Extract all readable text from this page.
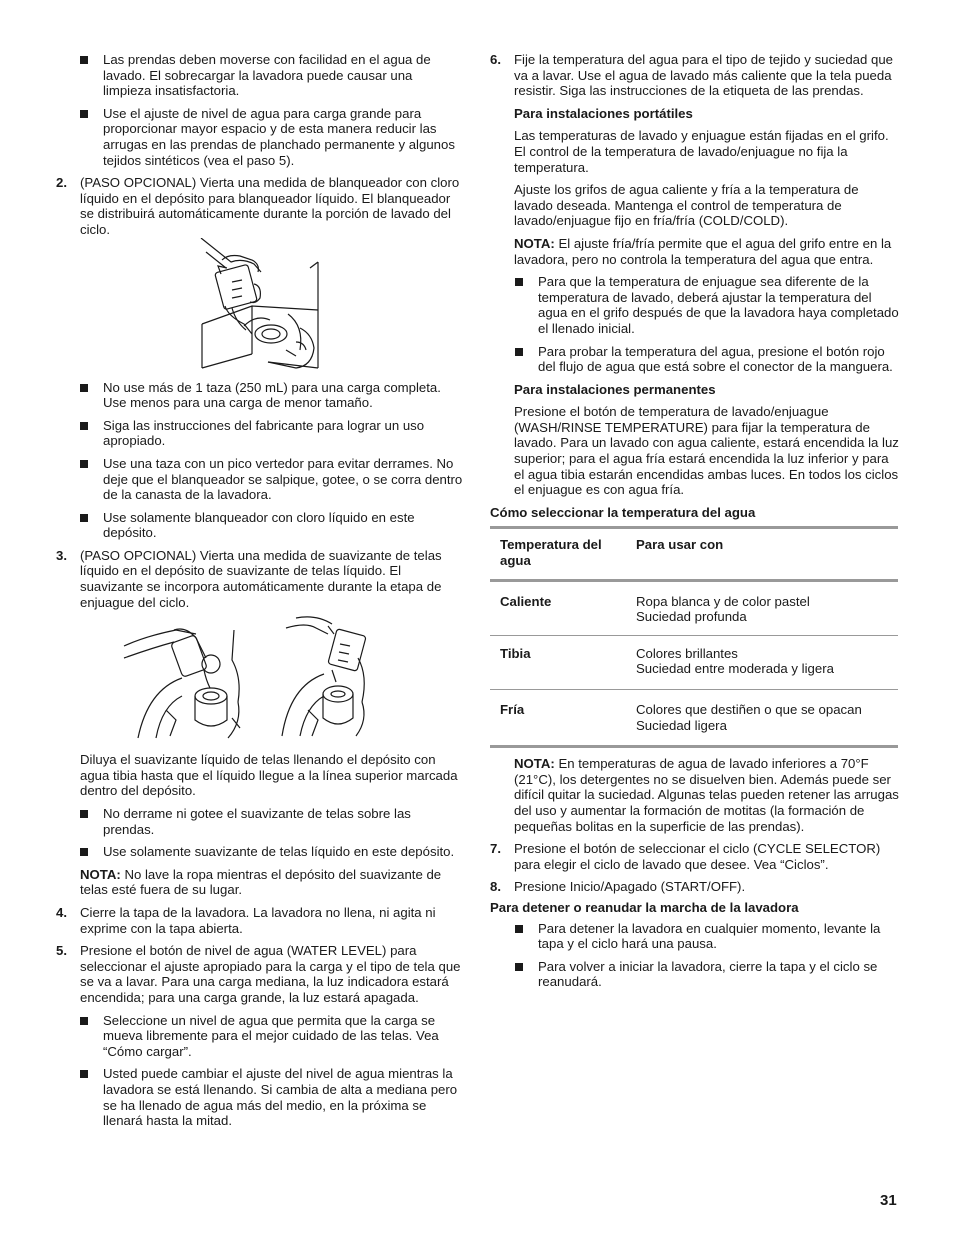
Las prendas deben moverse con facilidad en el agua de lavado. El sobrecargar la lavadora puede causar una limpieza insatisfactoria.

Use el ajuste de nivel de agua para carga grande para proporcionar mayor espacio y de esta manera reducir las arrugas en las prendas de planchado permanente y algunos tejidos sintéticos (vea el paso 5).

2. (PASO OPCIONAL) Vierta una medida de blanqueador con cloro líquido en el depósito para blanqueador líquido. El blanqueador se distribuirá automáticamente durante la porción de lavado del ciclo.

No use más de 1 taza (250 mL) para una carga completa. Use menos para una carga de menor tamaño.

Siga las instrucciones del fabricante para lograr un uso apropiado.

Use una taza con un pico vertedor para evitar derrames. No deje que el blanqueador se salpique, gotee, o se corra dentro de la canasta de la lavadora.

Use solamente blanqueador con cloro líquido en este depósito.

3. (PASO OPCIONAL) Vierta una medida de suavizante de telas líquido en el depósito de suavizante de telas líquido. El suavizante se incorpora automáticamente durante la etapa de enjuague del ciclo.

Diluya el suavizante líquido de telas llenando el depósito con agua tibia hasta que el líquido llegue a la línea superior marcada dentro del depósito.

No derrame ni gotee el suavizante de telas sobre las prendas.

Use solamente suavizante de telas líquido en este depósito.

NOTA: No lave la ropa mientras el depósito del suavizante de telas esté fuera de su lugar.

4. Cierre la tapa de la lavadora. La lavadora no llena, ni agita ni exprime con la tapa abierta.

5. Presione el botón de nivel de agua (WATER LEVEL) para seleccionar el ajuste apropiado para la carga y el tipo de tela que se va a lavar. Para una carga mediana, la luz indicadora estará encendida; para una carga grande, la luz estará apagada.

Seleccione un nivel de agua que permita que la carga se mueva libremente para el mejor cuidado de las telas. Vea “Cómo cargar”.

Usted puede cambiar el ajuste del nivel de agua mientras la lavadora se está llenando. Si cambia de alta a mediana pero se ha llenado de agua más del medio, en la próxima se llenará hasta la mitad.

6. Fije la temperatura del agua para el tipo de tejido y suciedad que va a lavar. Use el agua de lavado más caliente que la tela pueda resistir. Siga las instrucciones de la etiqueta de las prendas.

Para instalaciones portátiles

Las temperaturas de lavado y enjuague están fijadas en el grifo. El control de la temperatura de lavado/enjuague no fija la temperatura.

Ajuste los grifos de agua caliente y fría a la temperatura de lavado deseada. Mantenga el control de temperatura de lavado/enjuague fijo en fría/fría (COLD/COLD).

NOTA: El ajuste fría/fría permite que el agua del grifo entre en la lavadora, pero no controla la temperatura del agua que entra.

Para que la temperatura de enjuague sea diferente de la temperatura de lavado, deberá ajustar la temperatura del agua en el grifo después de que la lavadora haya completado el llenado inicial.

Para probar la temperatura del agua, presione el botón rojo del flujo de agua que está sobre el conector de la manguera.

Para instalaciones permanentes

Presione el botón de temperatura de lavado/enjuague (WASH/RINSE TEMPERATURE) para fijar la temperatura de lavado. Para un lavado con agua caliente, estará encendida la luz superior; para el agua fría estará encendida la luz inferior y para el agua tibia estarán encendidas ambas luces. En todos los ciclos el enjuague es con agua fría.

Cómo seleccionar la temperatura del agua

Temperatura del agua	Para usar con
Caliente	Ropa blanca y de color pastel
Suciedad profunda

Tibia	Colores brillantes
Suciedad entre moderada y ligera

Fría	Colores que destiñen o que se opacan
Suciedad ligera

NOTA: En temperaturas de agua de lavado inferiores a 70°F (21°C), los detergentes no se disuelven bien. Además puede ser difícil quitar la suciedad. Algunas telas pueden retener las arrugas del uso y aumentar la formación de motitas (la formación de pequeñas bolitas en la superficie de las prendas).

7. Presione el botón de seleccionar el ciclo (CYCLE SELECTOR) para elegir el ciclo de lavado que desee. Vea “Ciclos”.

8. Presione Inicio/Apagado (START/OFF).

Para detener o reanudar la marcha de la lavadora

Para detener la lavadora en cualquier momento, levante la tapa y el ciclo hará una pausa.

Para volver a iniciar la lavadora, cierre la tapa y el ciclo se reanudará.

31
